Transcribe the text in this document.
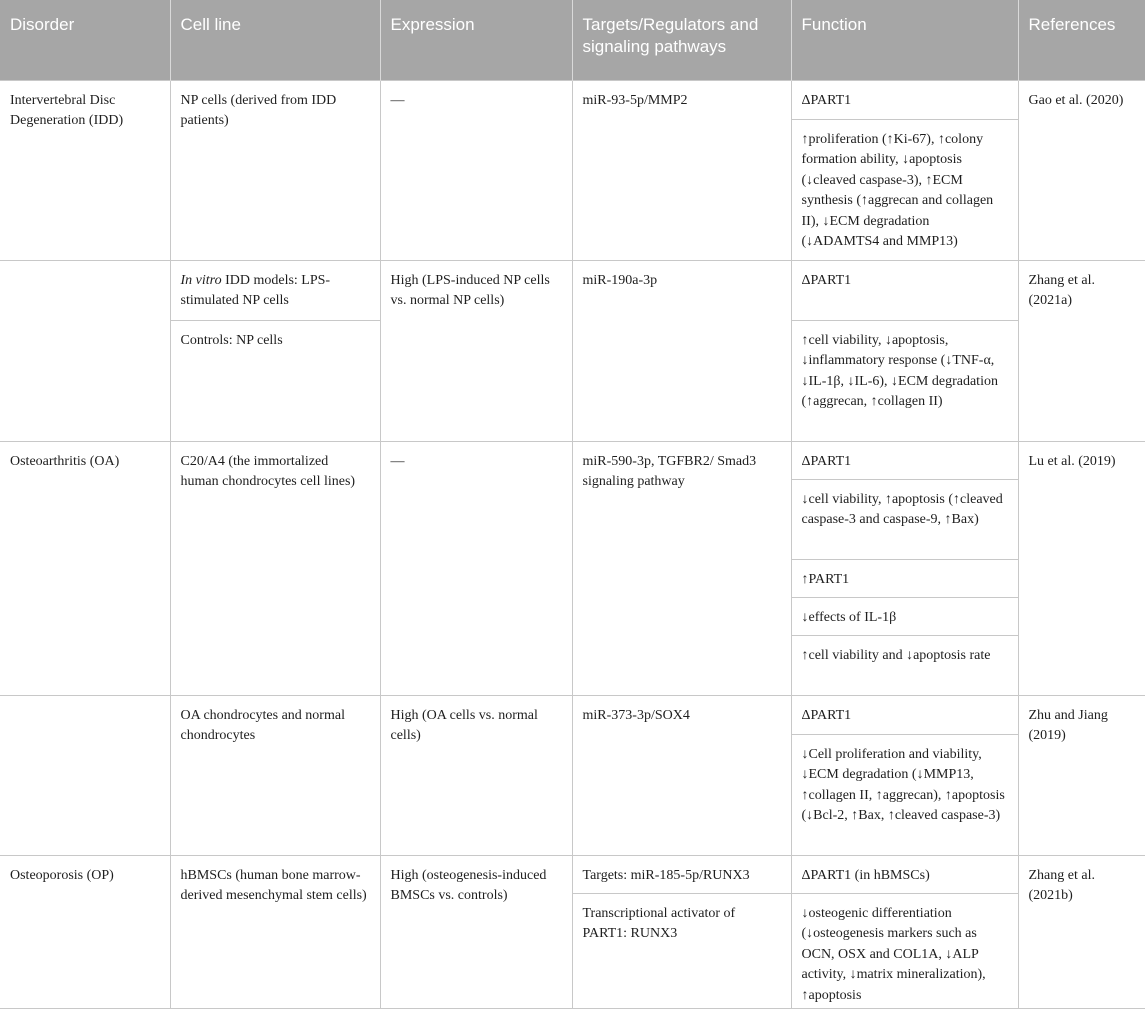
Disorder	Cell line	Expression	Targets/Regulators and signaling pathways	Function	References
Intervertebral Disc Degeneration (IDD)	NP cells (derived from IDD patients)	—	miR-93-5p/MMP2	ΔPART1	Gao et al. (2020)
				↑proliferation (↑Ki-67), ↑colony formation ability, ↓apoptosis (↓cleaved caspase-3), ↑ECM synthesis (↑aggrecan and collagen II), ↓ECM degradation (↓ADAMTS4 and MMP13)	
	In vitro IDD models: LPS-stimulated NP cells	High (LPS-induced NP cells vs. normal NP cells)	miR-190a-3p	ΔPART1	Zhang et al. (2021a)
	Controls: NP cells			↑cell viability, ↓apoptosis, ↓inflammatory response (↓TNF-α, ↓IL-1β, ↓IL-6), ↓ECM degradation (↑aggrecan, ↑collagen II)	
Osteoarthritis (OA)	C20/A4 (the immortalized human chondrocytes cell lines)	—	miR-590-3p, TGFBR2/ Smad3 signaling pathway	ΔPART1	Lu et al. (2019)
				↓cell viability, ↑apoptosis (↑cleaved caspase-3 and caspase-9, ↑Bax)	
				↑PART1	
				↓effects of IL-1β	
				↑cell viability and ↓apoptosis rate	
	OA chondrocytes and normal chondrocytes	High (OA cells vs. normal cells)	miR-373-3p/SOX4	ΔPART1	Zhu and Jiang (2019)
				↓Cell proliferation and viability, ↓ECM degradation (↓MMP13, ↑collagen II, ↑aggrecan), ↑apoptosis (↓Bcl-2, ↑Bax, ↑cleaved caspase-3)	
Osteoporosis (OP)	hBMSCs (human bone marrow-derived mesenchymal stem cells)	High (osteogenesis-induced BMSCs vs. controls)	Targets: miR-185-5p/RUNX3	ΔPART1 (in hBMSCs)	Zhang et al. (2021b)
			Transcriptional activator of PART1: RUNX3	↓osteogenic differentiation (↓osteogenesis markers such as OCN, OSX and COL1A, ↓ALP activity, ↓matrix mineralization), ↑apoptosis	
